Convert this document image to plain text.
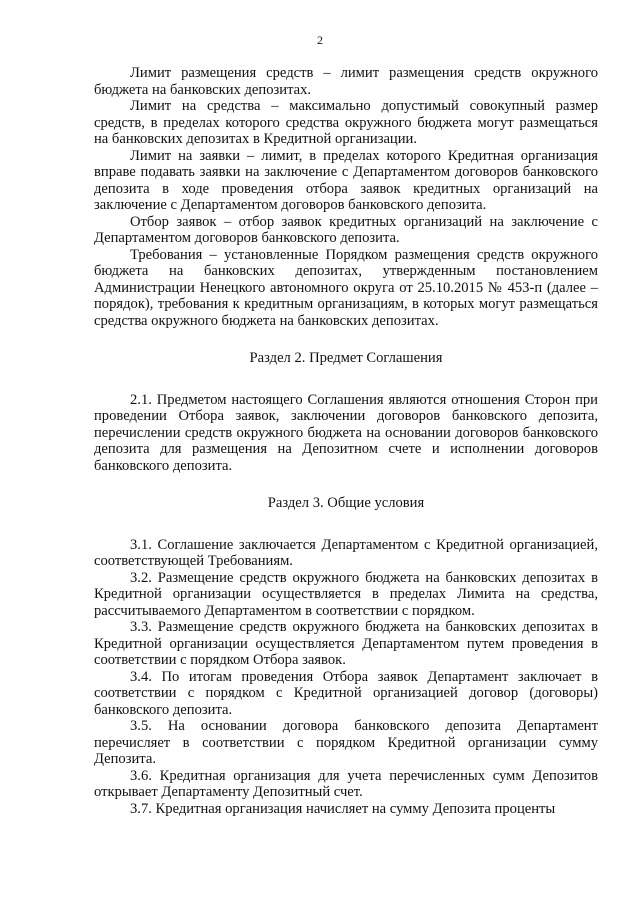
2

Лимит размещения средств – лимит размещения средств окружного бюджета на банковских депозитах.

Лимит на средства – максимально допустимый совокупный размер средств, в пределах которого средства окружного бюджета могут размещаться на банковских депозитах в Кредитной организации.

Лимит на заявки – лимит, в пределах которого Кредитная организация вправе подавать заявки на заключение с Департаментом договоров банковского депозита в ходе проведения отбора заявок кредитных организаций на заключение с Департаментом договоров банковского депозита.

Отбор заявок – отбор заявок кредитных организаций на заключение с Департаментом договоров банковского депозита.

Требования – установленные Порядком размещения средств окружного бюджета на банковских депозитах, утвержденным постановлением Администрации Ненецкого автономного округа от 25.10.2015 № 453-п (далее – порядок), требования к кредитным организациям, в которых могут размещаться средства окружного бюджета на банковских депозитах.

Раздел 2. Предмет Соглашения

2.1. Предметом настоящего Соглашения являются отношения Сторон при проведении Отбора заявок, заключении договоров банковского депозита, перечислении средств окружного бюджета на основании договоров банковского депозита для размещения на Депозитном счете и исполнении договоров банковского депозита.

Раздел 3. Общие условия

3.1. Соглашение заключается Департаментом с Кредитной организацией, соответствующей Требованиям.

3.2. Размещение средств окружного бюджета на банковских депозитах в Кредитной организации осуществляется в пределах Лимита на средства, рассчитываемого Департаментом в соответствии с порядком.

3.3. Размещение средств окружного бюджета на банковских депозитах в Кредитной организации осуществляется Департаментом путем проведения в соответствии с порядком Отбора заявок.

3.4. По итогам проведения Отбора заявок Департамент заключает в соответствии с порядком с Кредитной организацией договор (договоры) банковского депозита.

3.5. На основании договора банковского депозита Департамент перечисляет в соответствии с порядком Кредитной организации сумму Депозита.

3.6. Кредитная организация для учета перечисленных сумм Депозитов открывает Департаменту Депозитный счет.

3.7. Кредитная организация начисляет на сумму Депозита проценты
